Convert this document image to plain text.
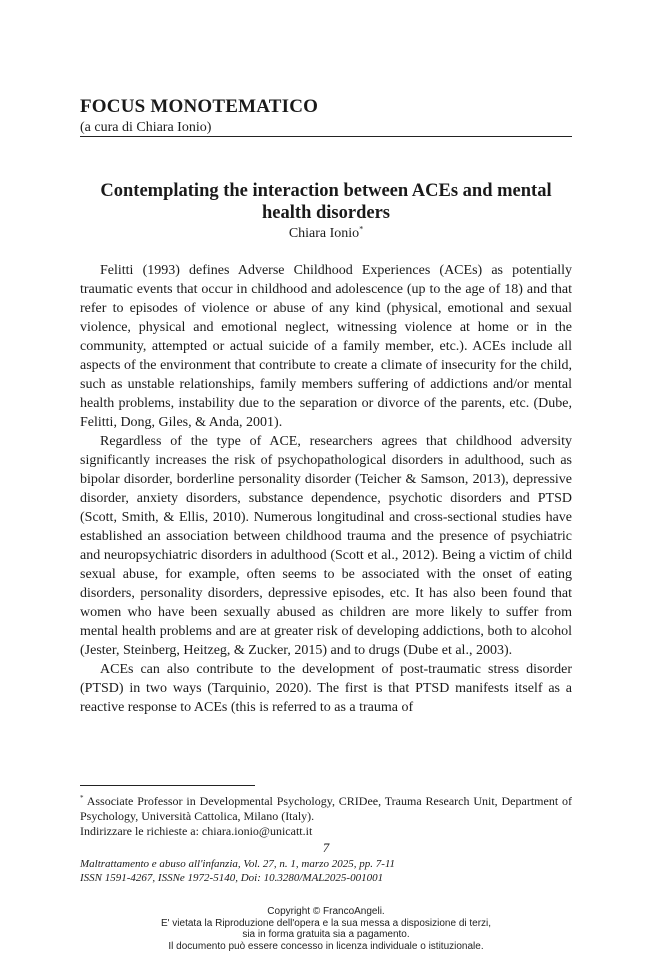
FOCUS MONOTEMATICO
(a cura di Chiara Ionio)
Contemplating the interaction between ACEs and mental health disorders
Chiara Ionio*

Felitti (1993) defines Adverse Childhood Experiences (ACEs) as potentially traumatic events that occur in childhood and adolescence (up to the age of 18) and that refer to episodes of violence or abuse of any kind (physical, emotional and sexual violence, physical and emotional neglect, witnessing violence at home or in the community, attempted or actual suicide of a family member, etc.). ACEs include all aspects of the environment that contribute to create a climate of insecurity for the child, such as unstable relationships, family members suffering of addictions and/or mental health problems, instability due to the separation or divorce of the parents, etc. (Dube, Felitti, Dong, Giles, & Anda, 2001).

Regardless of the type of ACE, researchers agrees that childhood adversity significantly increases the risk of psychopathological disorders in adulthood, such as bipolar disorder, borderline personality disorder (Teicher & Samson, 2013), depressive disorder, anxiety disorders, substance dependence, psychotic disorders and PTSD (Scott, Smith, & Ellis, 2010). Numerous longitudinal and cross-sectional studies have established an association between childhood trauma and the presence of psychiatric and neuropsychiatric disorders in adulthood (Scott et al., 2012). Being a victim of child sexual abuse, for example, often seems to be associated with the onset of eating disorders, personality disorders, depressive episodes, etc. It has also been found that women who have been sexually abused as children are more likely to suffer from mental health problems and are at greater risk of developing addictions, both to alcohol (Jester, Steinberg, Heitzeg, & Zucker, 2015) and to drugs (Dube et al., 2003).

ACEs can also contribute to the development of post-traumatic stress disorder (PTSD) in two ways (Tarquinio, 2020). The first is that PTSD manifests itself as a reactive response to ACEs (this is referred to as a trauma of

* Associate Professor in Developmental Psychology, CRIDee, Trauma Research Unit, Department of Psychology, Università Cattolica, Milano (Italy).
Indirizzare le richieste a: chiara.ionio@unicatt.it
7
Maltrattamento e abuso all'infanzia, Vol. 27, n. 1, marzo 2025, pp. 7-11
ISSN 1591-4267, ISSNe 1972-5140, Doi: 10.3280/MAL2025-001001
Copyright © FrancoAngeli.
E' vietata la Riproduzione dell'opera e la sua messa a disposizione di terzi,
sia in forma gratuita sia a pagamento.
Il documento può essere concesso in licenza individuale o istituzionale.
